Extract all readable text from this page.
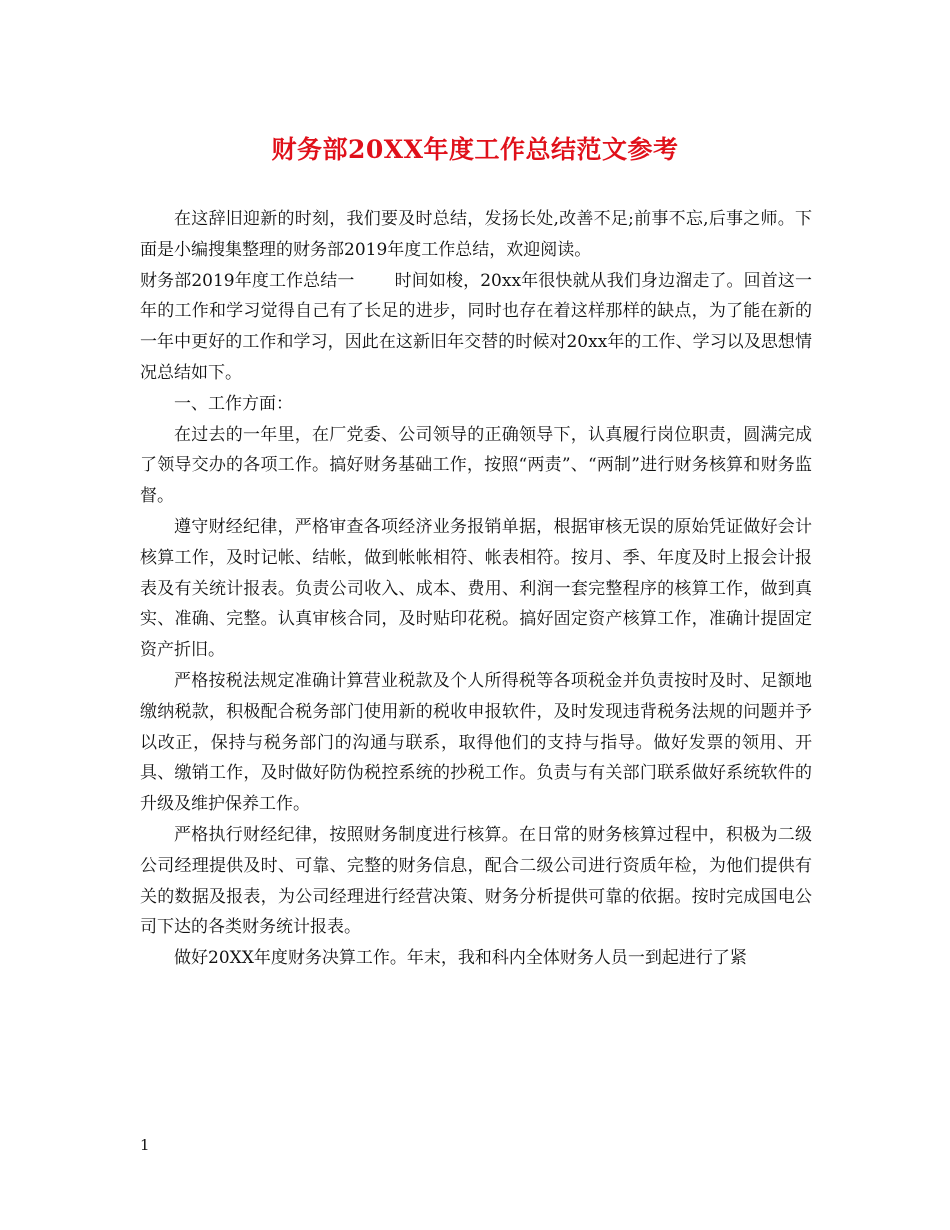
财务部20XX年度工作总结范文参考

在这辞旧迎新的时刻，我们要及时总结，发扬长处,改善不足;前事不忘,后事之师。下面是小编搜集整理的财务部2019年度工作总结，欢迎阅读。

财务部2019年度工作总结一 时间如梭，20xx年很快就从我们身边溜走了。回首这一年的工作和学习觉得自己有了长足的进步，同时也存在着这样那样的缺点，为了能在新的一年中更好的工作和学习，因此在这新旧年交替的时候对20xx年的工作、学习以及思想情况总结如下。

一、工作方面：

在过去的一年里，在厂党委、公司领导的正确领导下，认真履行岗位职责，圆满完成了领导交办的各项工作。搞好财务基础工作，按照“两责”、“两制”进行财务核算和财务监督。

遵守财经纪律，严格审查各项经济业务报销单据，根据审核无误的原始凭证做好会计核算工作，及时记帐、结帐，做到帐帐相符、帐表相符。按月、季、年度及时上报会计报表及有关统计报表。负责公司收入、成本、费用、利润一套完整程序的核算工作，做到真实、准确、完整。认真审核合同，及时贴印花税。搞好固定资产核算工作，准确计提固定资产折旧。

严格按税法规定准确计算营业税款及个人所得税等各项税金并负责按时及时、足额地缴纳税款，积极配合税务部门使用新的税收申报软件，及时发现违背税务法规的问题并予以改正，保持与税务部门的沟通与联系，取得他们的支持与指导。做好发票的领用、开具、缴销工作，及时做好防伪税控系统的抄税工作。负责与有关部门联系做好系统软件的升级及维护保养工作。

严格执行财经纪律，按照财务制度进行核算。在日常的财务核算过程中，积极为二级公司经理提供及时、可靠、完整的财务信息，配合二级公司进行资质年检，为他们提供有关的数据及报表，为公司经理进行经营决策、财务分析提供可靠的依据。按时完成国电公司下达的各类财务统计报表。

做好20XX年度财务决算工作。年末，我和科内全体财务人员一到起进行了紧

1
